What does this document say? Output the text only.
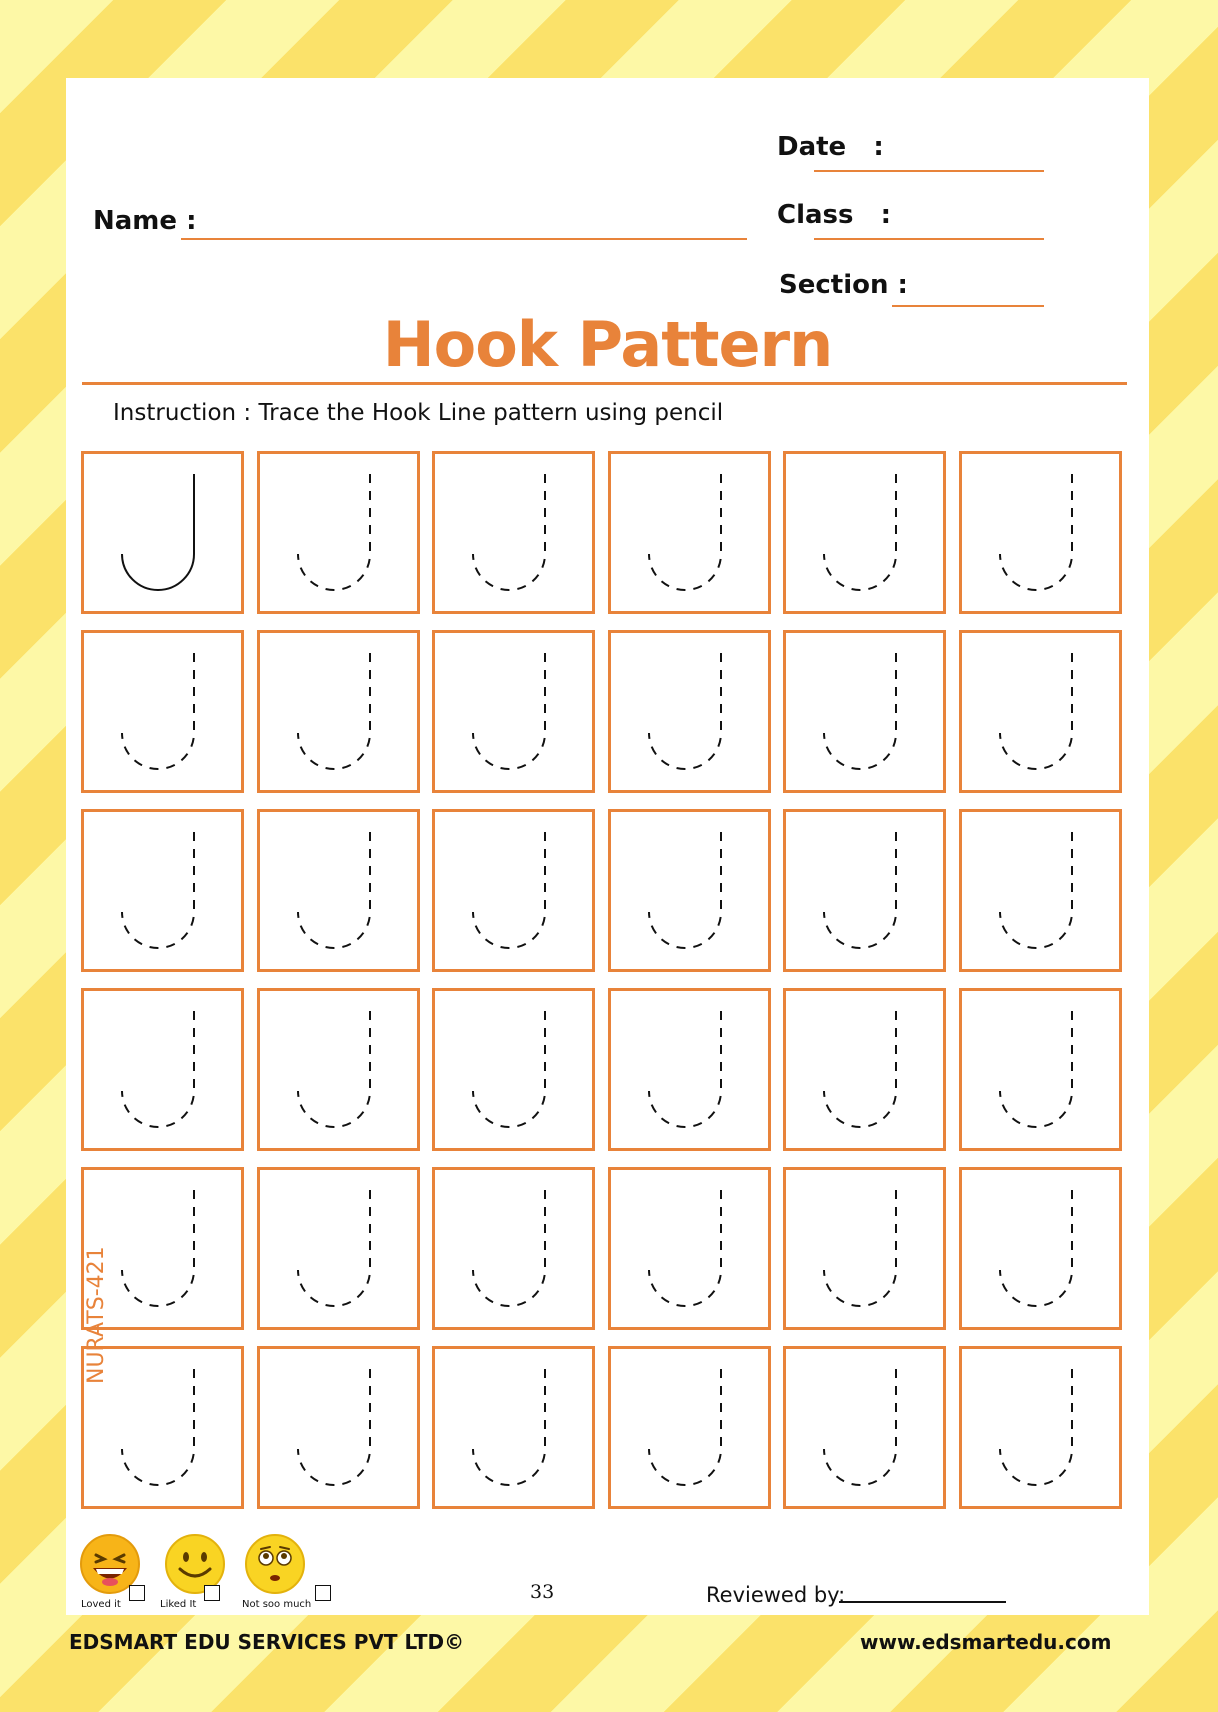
Date   :
Class   :
Name :
Section :
Hook Pattern
Instruction : Trace the Hook Line pattern using pencil
NURATS-421
Loved it	Liked It	Not soo much
33	Reviewed by:
EDSMART EDU SERVICES PVT LTD©	www.edsmartedu.com
